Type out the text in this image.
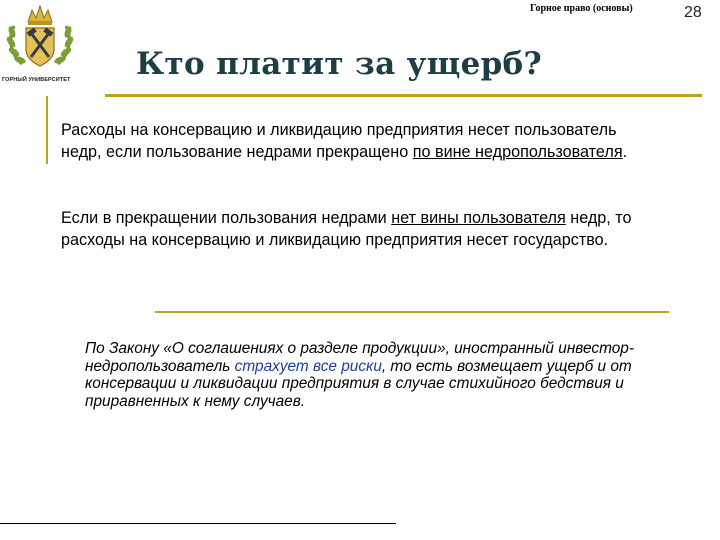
ГОРНЫЙ УНИВЕРСИТЕТ
Горное право (основы)	28
Кто платит за ущерб?
Расходы на консервацию и ликвидацию предприятия несет пользователь недр, если пользование недрами прекращено по вине недропользователя.
Если в прекращении пользования недрами нет вины пользователя недр, то расходы на консервацию и ликвидацию предприятия несет государство.
По Закону «О соглашениях о разделе продукции», иностранный инвестор-недропользователь страхует все риски, то есть возмещает ущерб и от консервации и ликвидации предприятия в случае стихийного бедствия и приравненных к нему случаев.
